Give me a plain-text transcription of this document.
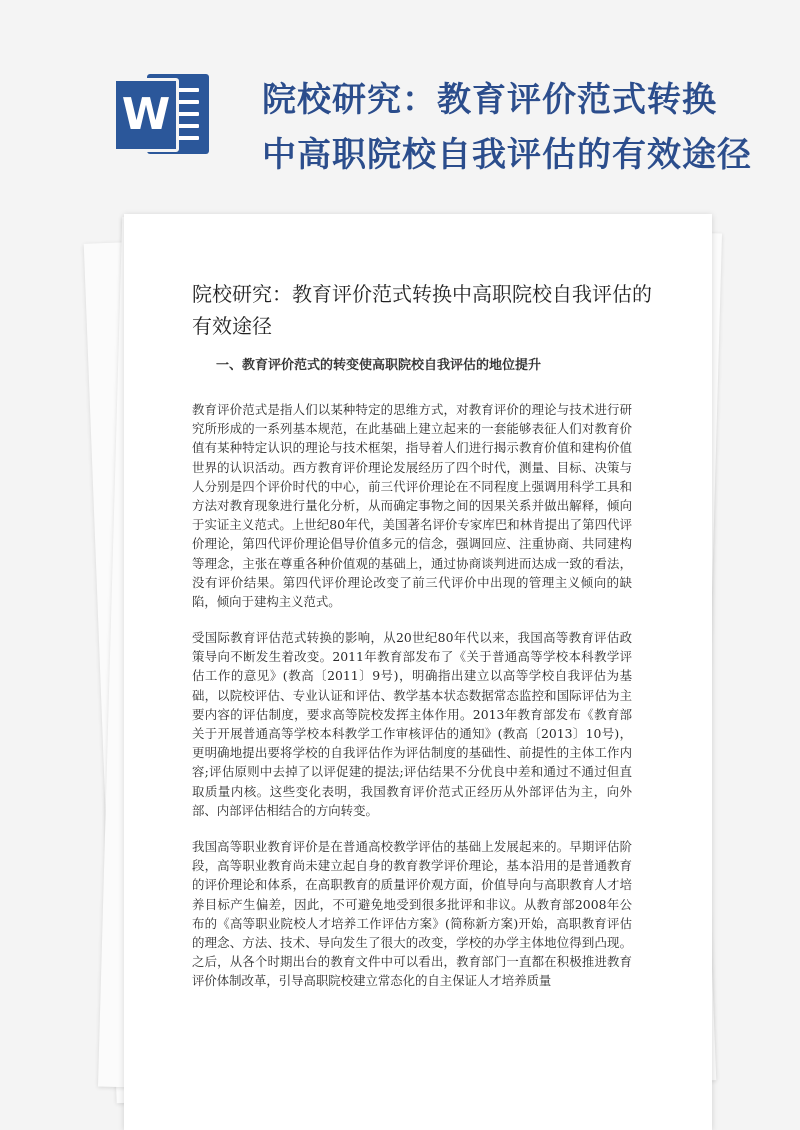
W	院校研究：教育评价范式转换
中高职院校自我评估的有效途径
院校研究：教育评价范式转换中高职院校自我评估的有效途径
一、教育评价范式的转变使高职院校自我评估的地位提升

教育评价范式是指人们以某种特定的思维方式，对教育评价的理论与技术进行研究所形成的一系列基本规范，在此基础上建立起来的一套能够表征人们对教育价值有某种特定认识的理论与技术框架，指导着人们进行揭示教育价值和建构价值世界的认识活动。西方教育评价理论发展经历了四个时代，测量、目标、决策与人分别是四个评价时代的中心，前三代评价理论在不同程度上强调用科学工具和方法对教育现象进行量化分析，从而确定事物之间的因果关系并做出解释，倾向于实证主义范式。上世纪80年代，美国著名评价专家库巴和林肯提出了第四代评价理论，第四代评价理论倡导价值多元的信念，强调回应、注重协商、共同建构等理念，主张在尊重各种价值观的基础上，通过协商谈判进而达成一致的看法，没有评价结果。第四代评价理论改变了前三代评价中出现的管理主义倾向的缺陷，倾向于建构主义范式。

受国际教育评估范式转换的影响，从20世纪80年代以来，我国高等教育评估政策导向不断发生着改变。2011年教育部发布了《关于普通高等学校本科教学评估工作的意见》(教高〔2011〕9号)，明确指出建立以高等学校自我评估为基础，以院校评估、专业认证和评估、教学基本状态数据常态监控和国际评估为主要内容的评估制度，要求高等院校发挥主体作用。2013年教育部发布《教育部关于开展普通高等学校本科教学工作审核评估的通知》(教高〔2013〕10号)，更明确地提出要将学校的自我评估作为评估制度的基础性、前提性的主体工作内容;评估原则中去掉了以评促建的提法;评估结果不分优良中差和通过不通过但直取质量内核。这些变化表明，我国教育评价范式正经历从外部评估为主，向外部、内部评估相结合的方向转变。

我国高等职业教育评价是在普通高校教学评估的基础上发展起来的。早期评估阶段，高等职业教育尚未建立起自身的教育教学评价理论，基本沿用的是普通教育的评价理论和体系，在高职教育的质量评价观方面，价值导向与高职教育人才培养目标产生偏差，因此，不可避免地受到很多批评和非议。从教育部2008年公布的《高等职业院校人才培养工作评估方案》(简称新方案)开始，高职教育评估的理念、方法、技术、导向发生了很大的改变，学校的办学主体地位得到凸现。之后，从各个时期出台的教育文件中可以看出，教育部门一直都在积极推进教育评价体制改革，引导高职院校建立常态化的自主保证人才培养质量
